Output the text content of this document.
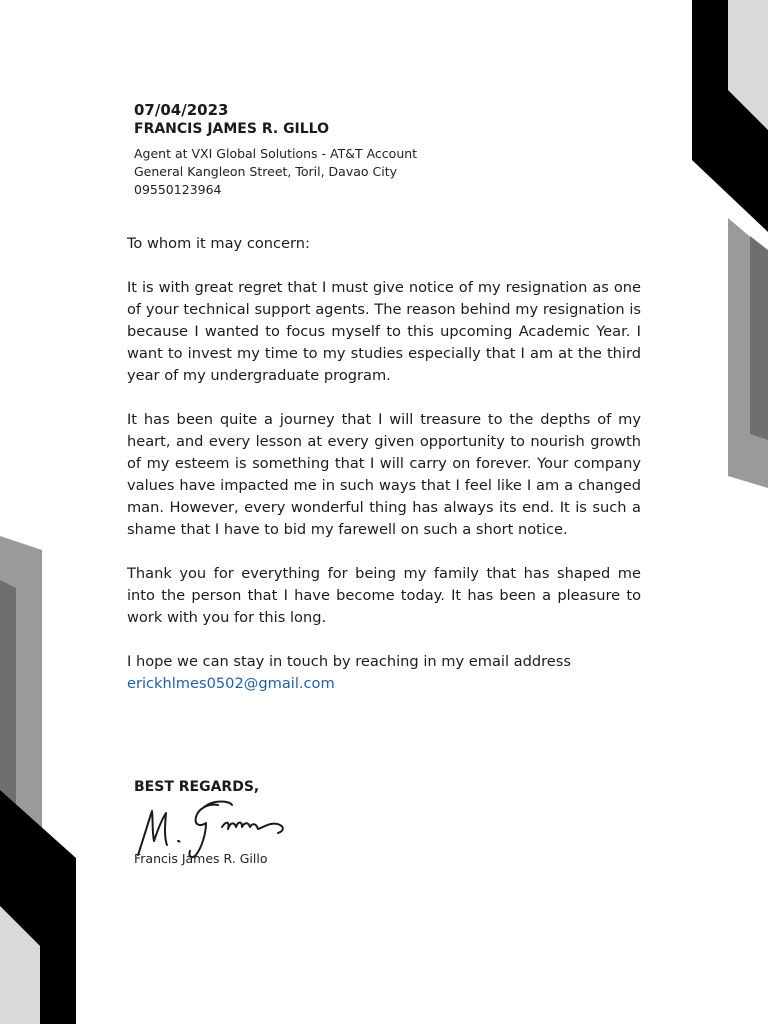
07/04/2023

FRANCIS JAMES R. GILLO

Agent at VXI Global Solutions - AT&T Account

General Kangleon Street, Toril, Davao City

09550123964

To whom it may concern:

It is with great regret that I must give notice of my resignation as one of your technical support agents. The reason behind my resignation is because I wanted to focus myself to this upcoming Academic Year. I want to invest my time to my studies especially that I am at the third year of my undergraduate program.

It has been quite a journey that I will treasure to the depths of my heart, and every lesson at every given opportunity to nourish growth of my esteem is something that I will carry on forever. Your company values have impacted me in such ways that I feel like I am a changed man. However, every wonderful thing has always its end. It is such a shame that I have to bid my farewell on such a short notice.

Thank you for everything for being my family that has shaped me into the person that I have become today. It has been a pleasure to work with you for this long.

I hope we can stay in touch by reaching in my email address
erickhlmes0502@gmail.com

BEST REGARDS,

Francis James R. Gillo
